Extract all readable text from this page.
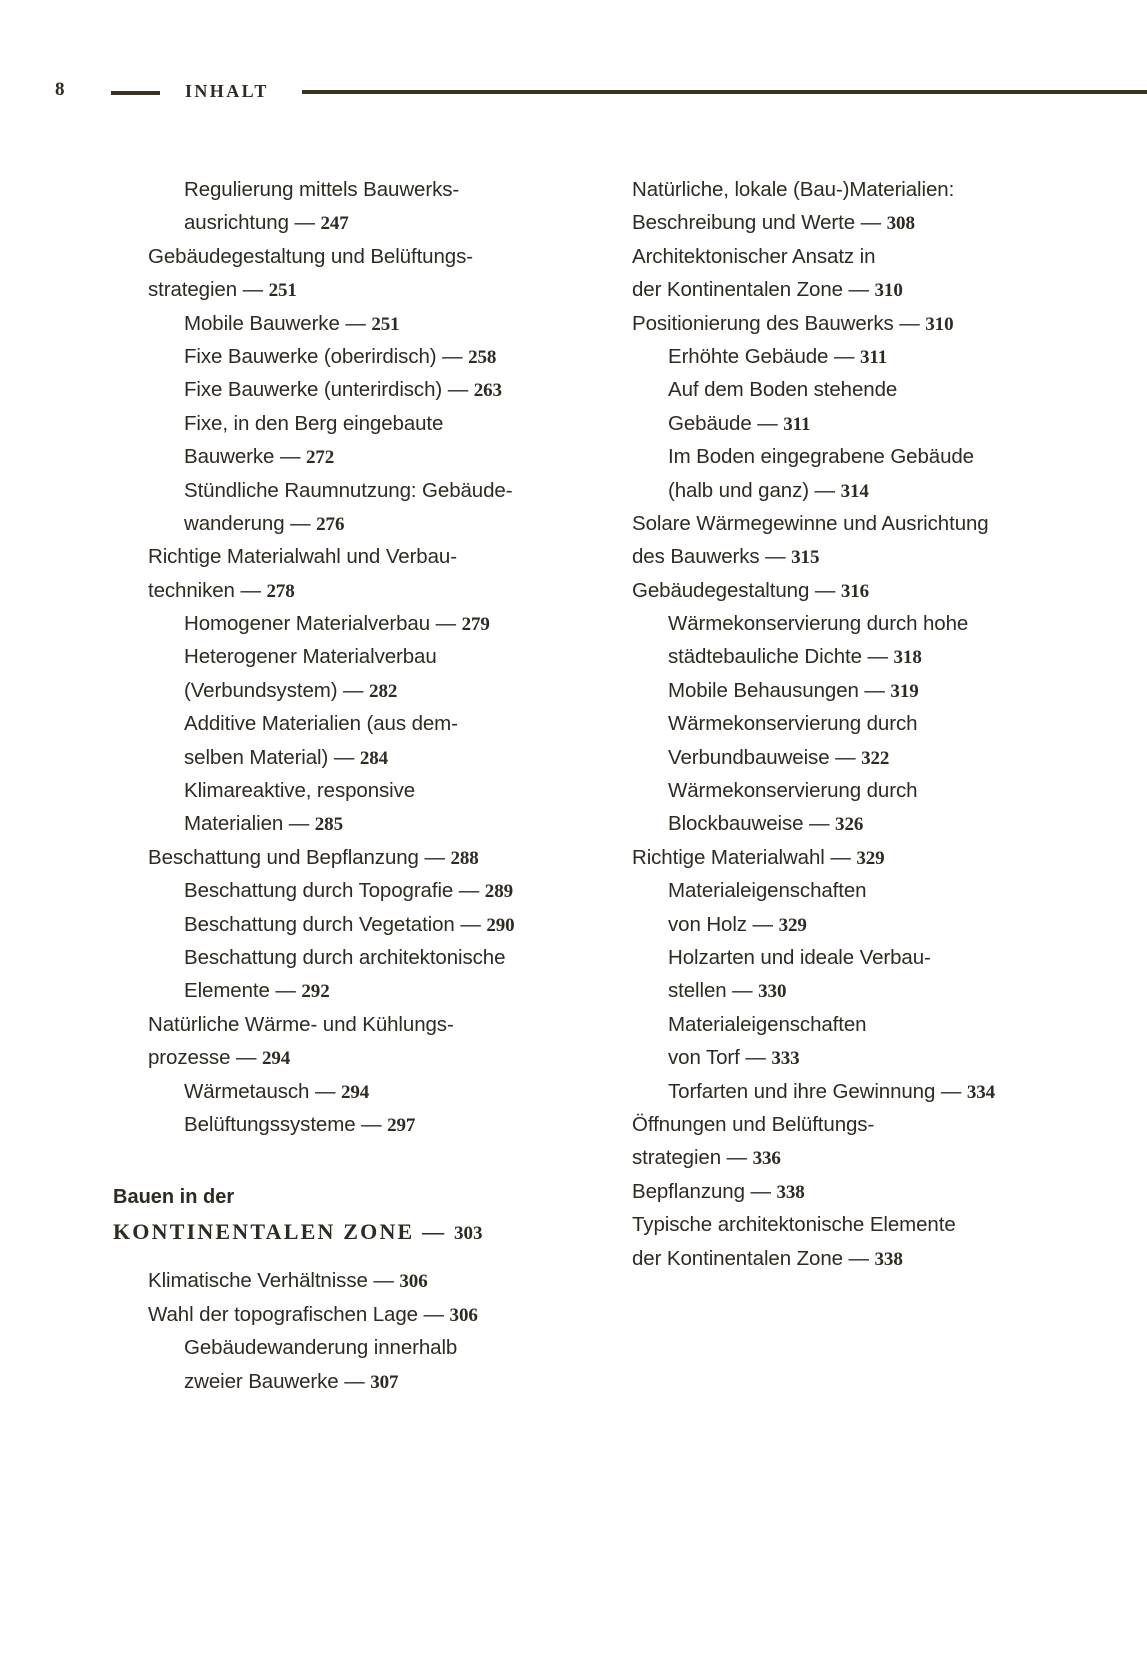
8	INHALT
Regulierung mittels Bauwerks-
ausrichtung — 247
Gebäudegestaltung und Belüftungs-
strategien — 251
Mobile Bauwerke — 251
Fixe Bauwerke (oberirdisch) — 258
Fixe Bauwerke (unterirdisch) — 263
Fixe, in den Berg eingebaute
Bauwerke — 272
Stündliche Raumnutzung: Gebäude-
wanderung — 276
Richtige Materialwahl und Verbau-
techniken — 278
Homogener Materialverbau — 279
Heterogener Materialverbau
(Verbundsystem) — 282
Additive Materialien (aus dem-
selben Material) — 284
Klimareaktive, responsive
Materialien — 285
Beschattung und Bepflanzung — 288
Beschattung durch Topografie — 289
Beschattung durch Vegetation — 290
Beschattung durch architektonische
Elemente — 292
Natürliche Wärme- und Kühlungs-
prozesse — 294
Wärmetausch — 294
Belüftungssysteme — 297
Bauen in der
KONTINENTALEN ZONE — 303
Klimatische Verhältnisse — 306
Wahl der topografischen Lage — 306
Gebäudewanderung innerhalb
zweier Bauwerke — 307
Natürliche, lokale (Bau-)Materialien:
Beschreibung und Werte — 308
Architektonischer Ansatz in
der Kontinentalen Zone — 310
Positionierung des Bauwerks — 310
Erhöhte Gebäude — 311
Auf dem Boden stehende
Gebäude — 311
Im Boden eingegrabene Gebäude
(halb und ganz) — 314
Solare Wärmegewinne und Ausrichtung
des Bauwerks — 315
Gebäudegestaltung — 316
Wärmekonservierung durch hohe
städtebauliche Dichte — 318
Mobile Behausungen — 319
Wärmekonservierung durch
Verbundbauweise — 322
Wärmekonservierung durch
Blockbauweise — 326
Richtige Materialwahl — 329
Materialeigenschaften
von Holz — 329
Holzarten und ideale Verbau-
stellen — 330
Materialeigenschaften
von Torf — 333
Torfarten und ihre Gewinnung — 334
Öffnungen und Belüftungs-
strategien — 336
Bepflanzung — 338
Typische architektonische Elemente
der Kontinentalen Zone — 338
